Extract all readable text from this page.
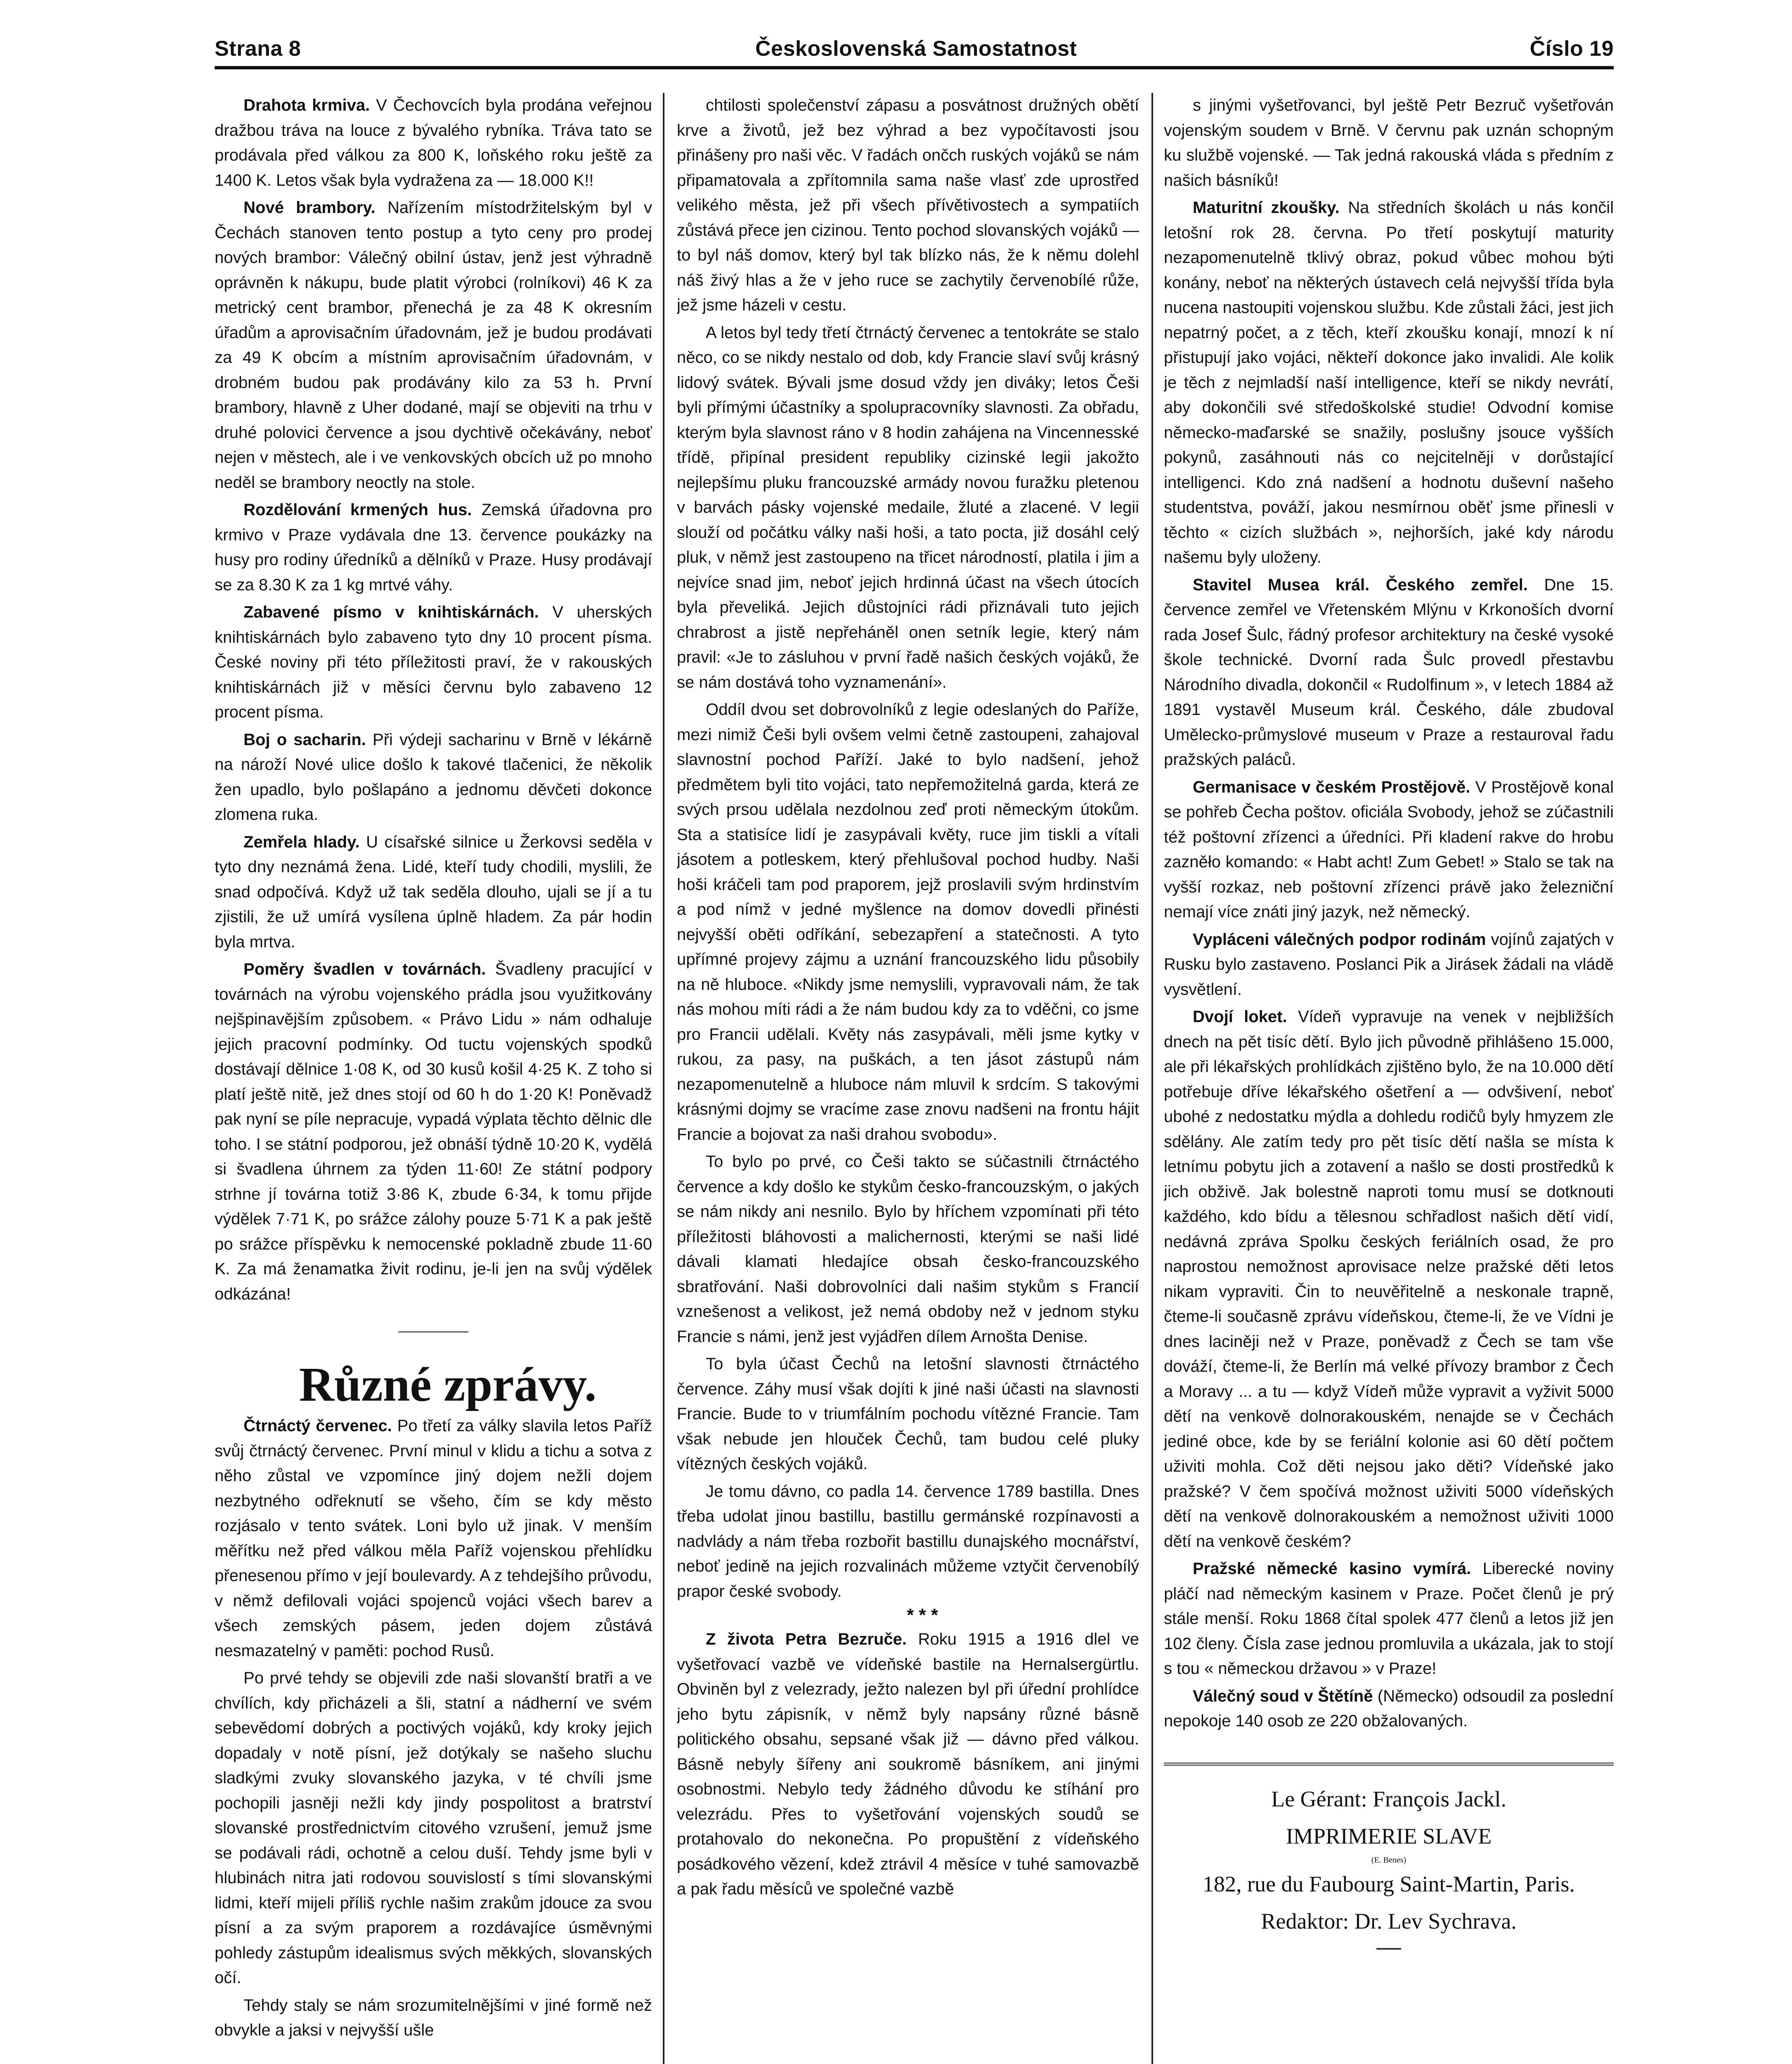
Strana 8	Československá Samostatnost	Číslo 19

Drahota krmiva. V Čechovcích byla prodána veřejnou dražbou tráva na louce z bývalého rybníka. Tráva tato se prodávala před válkou za 800 K, loňského roku ještě za 1400 K. Letos však byla vydražena za — 18.000 K!!

Nové brambory. Nařízením místodržitelským byl v Čechách stanoven tento postup a tyto ceny pro prodej nových brambor: Válečný obilní ústav, jenž jest výhradně oprávněn k nákupu, bude platit výrobci (rolníkovi) 46 K za metrický cent brambor, přenechá je za 48 K okresním úřadům a aprovisačním úřadovnám, jež je budou prodávati za 49 K obcím a místním aprovisačním úřadovnám, v drobném budou pak prodávány kilo za 53 h. První brambory, hlavně z Uher dodané, mají se objeviti na trhu v druhé polovici července a jsou dychtivě očekávány, neboť nejen v městech, ale i ve venkovských obcích už po mnoho neděl se brambory neoctly na stole.

Rozdělování krmených hus. Zemská úřadovna pro krmivo v Praze vydávala dne 13. července poukázky na husy pro rodiny úředníků a dělníků v Praze. Husy prodávají se za 8.30 K za 1 kg mrtvé váhy.

Zabavené písmo v knihtiskárnách. V uherských knihtiskárnách bylo zabaveno tyto dny 10 procent písma. České noviny při této příležitosti praví, že v rakouských knihtiskárnách již v měsíci červnu bylo zabaveno 12 procent písma.

Boj o sacharin. Při výdeji sacharinu v Brně v lékárně na nároží Nové ulice došlo k takové tlačenici, že několik žen upadlo, bylo pošlapáno a jednomu děvčeti dokonce zlomena ruka.

Zemřela hlady. U císařské silnice u Žerkovsi seděla v tyto dny neznámá žena. Lidé, kteří tudy chodili, myslili, že snad odpočívá. Když už tak seděla dlouho, ujali se jí a tu zjistili, že už umírá vysílena úplně hladem. Za pár hodin byla mrtva.

Poměry švadlen v továrnách. Švadleny pracující v továrnách na výrobu vojenského prádla jsou využitkovány nejšpinavějším způsobem. « Právo Lidu » nám odhaluje jejich pracovní podmínky. Od tuctu vojenských spodků dostávají dělnice 1·08 K, od 30 kusů košil 4·25 K. Z toho si platí ještě nitě, jež dnes stojí od 60 h do 1·20 K! Poněvadž pak nyní se píle nepracuje, vypadá výplata těchto dělnic dle toho. I se státní podporou, jež obnáší týdně 10·20 K, vydělá si švadlena úhrnem za týden 11·60! Ze státní podpory strhne jí továrna totiž 3·86 K, zbude 6·34, k tomu přijde výdělek 7·71 K, po srážce zálohy pouze 5·71 K a pak ještě po srážce příspěvku k nemocenské pokladně zbude 11·60 K. Za má ženamatka živit rodinu, je-li jen na svůj výdělek odkázána!

Různé zprávy.

Čtrnáctý červenec. Po třetí za války slavila letos Paříž svůj čtrnáctý červenec. První minul v klidu a tichu a sotva z něho zůstal ve vzpomínce jiný dojem nežli dojem nezbytného odřeknutí se všeho, čím se kdy město rozjásalo v tento svátek. Loni bylo už jinak. V menším měřítku než před válkou měla Paříž vojenskou přehlídku přenesenou přímo v její boulevardy. A z tehdejšího průvodu, v němž defilovali vojáci spojenců vojáci všech barev a všech zemských pásem, jeden dojem zůstává nesmazatelný v paměti: pochod Rusů.

Po prvé tehdy se objevili zde naši slovanští bratři a ve chvílích, kdy přicházeli a šli, statní a nádherní ve svém sebevědomí dobrých a poctivých vojáků, kdy kroky jejich dopadaly v notě písní, jež dotýkaly se našeho sluchu sladkými zvuky slovanského jazyka, v té chvíli jsme pochopili jasněji nežli kdy jindy pospolitost a bratrství slovanské prostřednictvím citového vzrušení, jemuž jsme se podávali rádi, ochotně a celou duší. Tehdy jsme byli v hlubinách nitra jati rodovou souvislostí s tími slovanskými lidmi, kteří mijeli příliš rychle našim zrakům jdouce za svou písní a za svým praporem a rozdávajíce úsměvnými pohledy zástupům idealismus svých měkkých, slovanských očí.

Tehdy staly se nám srozumitelnějšími v jiné formě než obvykle a jaksi v nejvyšší ušle

chtilosti společenství zápasu a posvátnost družných obětí krve a životů, jež bez výhrad a bez vypočítavosti jsou přinášeny pro naši věc. V řadách ončch ruských vojáků se nám připamatovala a zpřítomnila sama naše vlasť zde uprostřed velikého města, jež při všech přívětivostech a sympatiích zůstává přece jen cizinou. Tento pochod slovanských vojáků — to byl náš domov, který byl tak blízko nás, že k němu dolehl náš živý hlas a že v jeho ruce se zachytily červenobílé růže, jež jsme házeli v cestu.

A letos byl tedy třetí čtrnáctý červenec a tentokráte se stalo něco, co se nikdy nestalo od dob, kdy Francie slaví svůj krásný lidový svátek. Bývali jsme dosud vždy jen diváky; letos Češi byli přímými účastníky a spolupracovníky slavnosti. Za obřadu, kterým byla slavnost ráno v 8 hodin zahájena na Vincennesské třídě, připínal president republiky cizinské legii jakožto nejlepšímu pluku francouzské armády novou furažku pletenou v barvách pásky vojenské medaile, žluté a zlacené. V legii slouží od počátku války naši hoši, a tato pocta, již dosáhl celý pluk, v němž jest zastoupeno na třicet národností, platila i jim a nejvíce snad jim, neboť jejich hrdinná účast na všech útocích byla převeliká. Jejich důstojníci rádi přiznávali tuto jejich chrabrost a jistě nepřeháněl onen setník legie, který nám pravil: «Je to zásluhou v první řadě našich českých vojáků, že se nám dostává toho vyznamenání».

Oddíl dvou set dobrovolníků z legie odeslaných do Paříže, mezi nimiž Češi byli ovšem velmi četně zastoupeni, zahajoval slavnostní pochod Paříží. Jaké to bylo nadšení, jehož předmětem byli tito vojáci, tato nepřemožitelná garda, která ze svých prsou udělala nezdolnou zeď proti německým útokům. Sta a statisíce lidí je zasypávali květy, ruce jim tiskli a vítali jásotem a potleskem, který přehlušoval pochod hudby. Naši hoši kráčeli tam pod praporem, jejž proslavili svým hrdinstvím a pod nímž v jedné myšlence na domov dovedli přinésti nejvyšší oběti odříkání, sebezapření a statečnosti. A tyto upřímné projevy zájmu a uznání francouzského lidu působily na ně hluboce. «Nikdy jsme nemyslili, vypravovali nám, že tak nás mohou míti rádi a že nám budou kdy za to vděčni, co jsme pro Francii udělali. Květy nás zasypávali, měli jsme kytky v rukou, za pasy, na puškách, a ten jásot zástupů nám nezapomenutelně a hluboce nám mluvil k srdcím. S takovými krásnými dojmy se vracíme zase znovu nadšeni na frontu hájit Francie a bojovat za naši drahou svobodu».

To bylo po prvé, co Češi takto se súčastnili čtrnáctého července a kdy došlo ke stykům česko-francouzským, o jakých se nám nikdy ani nesnilo. Bylo by hříchem vzpomínati při této příležitosti bláhovosti a malichernosti, kterými se naši lidé dávali klamati hledajíce obsah česko-francouzského sbratřování. Naši dobrovolníci dali našim stykům s Francií vznešenost a velikost, jež nemá obdoby než v jednom styku Francie s námi, jenž jest vyjádřen dílem Arnošta Denise.

To byla účast Čechů na letošní slavnosti čtrnáctého července. Záhy musí však dojíti k jiné naši účasti na slavnosti Francie. Bude to v triumfálním pochodu vítězné Francie. Tam však nebude jen hlouček Čechů, tam budou celé pluky vítězných českých vojáků.

Je tomu dávno, co padla 14. července 1789 bastilla. Dnes třeba udolat jinou bastillu, bastillu germánské rozpínavosti a nadvlády a nám třeba rozbořit bastillu dunajského mocnářství, neboť jedině na jejich rozvalinách můžeme vztyčit červenobílý prapor české svobody.

* * *

Z života Petra Bezruče. Roku 1915 a 1916 dlel ve vyšetřovací vazbě ve vídeňské bastile na Hernalsergürtlu. Obviněn byl z velezrady, ježto nalezen byl při úřední prohlídce jeho bytu zápisník, v němž byly napsány různé básně politického obsahu, sepsané však již — dávno před válkou. Básně nebyly šířeny ani soukromě básníkem, ani jinými osobnostmi. Nebylo tedy žádného důvodu ke stíhání pro velezrádu. Přes to vyšetřování vojenských soudů se protahovalo do nekonečna. Po propuštění z vídeňského posádkového vězení, kdež ztrávil 4 měsíce v tuhé samovazbě a pak řadu měsíců ve společné vazbě

s jinými vyšetřovanci, byl ještě Petr Bezruč vyšetřován vojenským soudem v Brně. V červnu pak uznán schopným ku službě vojenské. — Tak jedná rakouská vláda s předním z našich básníků!

Maturitní zkoušky. Na středních školách u nás končil letošní rok 28. června. Po třetí poskytují maturity nezapomenutelně tklivý obraz, pokud vůbec mohou býti konány, neboť na některých ústavech celá nejvyšší třída byla nucena nastoupiti vojenskou službu. Kde zůstali žáci, jest jich nepatrný počet, a z těch, kteří zkoušku konají, mnozí k ní přistupují jako vojáci, někteří dokonce jako invalidi. Ale kolik je těch z nejmladší naší intelligence, kteří se nikdy nevrátí, aby dokončili své středoškolské studie! Odvodní komise německo-maďarské se snažily, poslušny jsouce vyšších pokynů, zasáhnouti nás co nejcitelněji v dorůstající intelligenci. Kdo zná nadšení a hodnotu duševní našeho studentstva, pováží, jakou nesmírnou oběť jsme přinesli v těchto « cizích službách », nejhorších, jaké kdy národu našemu byly uloženy.

Stavitel Musea král. Českého zemřel. Dne 15. července zemřel ve Vřetenském Mlýnu v Krkonoších dvorní rada Josef Šulc, řádný profesor architektury na české vysoké škole technické. Dvorní rada Šulc provedl přestavbu Národního divadla, dokončil « Rudolfinum », v letech 1884 až 1891 vystavěl Museum král. Českého, dále zbudoval Umělecko-průmyslové museum v Praze a restauroval řadu pražských paláců.

Germanisace v českém Prostějově. V Prostějově konal se pohřeb Čecha poštov. oficiála Svobody, jehož se zúčastnili též poštovní zřízenci a úředníci. Při kladení rakve do hrobu zazněło komando: « Habt acht! Zum Gebet! » Stalo se tak na vyšší rozkaz, neb poštovní zřízenci právě jako železniční nemají více znáti jiný jazyk, než německý.

Vypláceni válečných podpor rodinám vojínů zajatých v Rusku bylo zastaveno. Poslanci Pik a Jirásek žádali na vládě vysvětlení.

Dvojí loket. Vídeň vypravuje na venek v nejbližších dnech na pět tisíc dětí. Bylo jich původně přihlášeno 15.000, ale při lékařských prohlídkách zjištěno bylo, že na 10.000 dětí potřebuje dříve lékařského ošetření a — odvšivení, neboť ubohé z nedostatku mýdla a dohledu rodičů byly hmyzem zle sdělány. Ale zatím tedy pro pět tisíc dětí našla se místa k letnímu pobytu jich a zotavení a našlo se dosti prostředků k jich obživě. Jak bolestně naproti tomu musí se dotknouti každého, kdo bídu a tělesnou schřadlost našich dětí vidí, nedávná zpráva Spolku českých feriálních osad, že pro naprostou nemožnost aprovisace nelze pražské děti letos nikam vypraviti. Čin to neuvěřitelně a neskonale trapně, čteme-li současně zprávu vídeňskou, čteme-li, že ve Vídni je dnes laciněji než v Praze, poněvadž z Čech se tam vše dováží, čteme-li, že Berlín má velké přívozy brambor z Čech a Moravy ... a tu — když Vídeň může vypravit a vyživit 5000 dětí na venkově dolnorakouském, nenajde se v Čechách jediné obce, kde by se feriální kolonie asi 60 dětí počtem uživiti mohla. Což děti nejsou jako děti? Vídeňské jako pražské? V čem spočívá možnost uživiti 5000 vídeňských dětí na venkově dolnorakouském a nemožnost uživiti 1000 dětí na venkově českém?

Pražské německé kasino vymírá. Liberecké noviny pláčí nad německým kasinem v Praze. Počet členů je prý stále menší. Roku 1868 čítal spolek 477 členů a letos již jen 102 členy. Čísla zase jednou promluvila a ukázala, jak to stojí s tou « německou državou » v Praze!

Válečný soud v Štětíně (Německo) odsoudil za poslední nepokoje 140 osob ze 220 obžalovaných.

Le Gérant: François Jackl.
IMPRIMERIE SLAVE
(E. Benes)
182, rue du Faubourg Saint-Martin, Paris.
Redaktor: Dr. Lev Sychrava.
